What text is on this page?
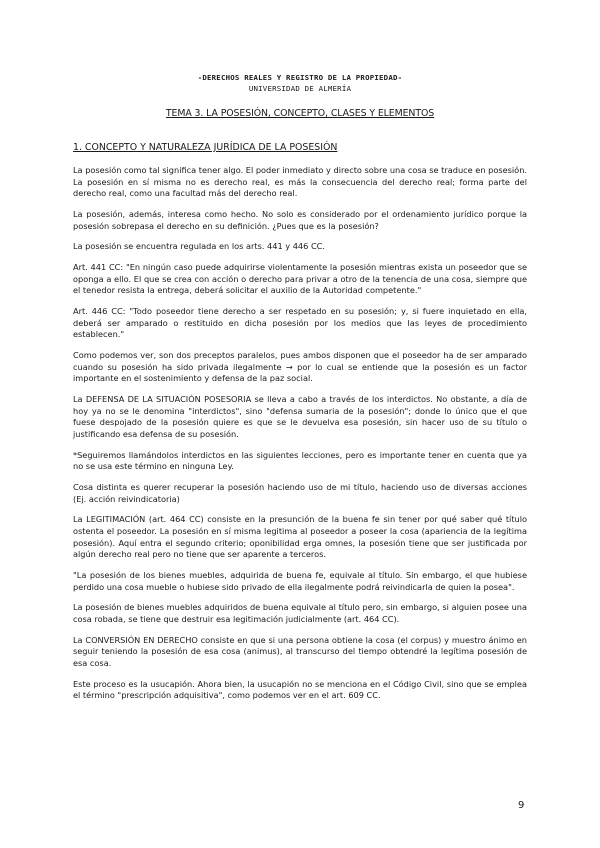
-DERECHOS REALES Y REGISTRO DE LA PROPIEDAD-
UNIVERSIDAD DE ALMERÍA
TEMA 3. LA POSESIÓN, CONCEPTO, CLASES Y ELEMENTOS
1. CONCEPTO Y NATURALEZA JURÍDICA DE LA POSESIÓN

La posesión como tal significa tener algo. El poder inmediato y directo sobre una cosa se traduce en posesión. La posesión en sí misma no es derecho real, es más la consecuencia del derecho real; forma parte del derecho real, como una facultad más del derecho real.

La posesión, además, interesa como hecho. No solo es considerado por el ordenamiento jurídico porque la posesión sobrepasa el derecho en su definición. ¿Pues que es la posesión?

La posesión se encuentra regulada en los arts. 441 y 446 CC.

Art. 441 CC: "En ningún caso puede adquirirse violentamente la posesión mientras exista un poseedor que se oponga a ello. El que se crea con acción o derecho para privar a otro de la tenencia de una cosa, siempre que el tenedor resista la entrega, deberá solicitar el auxilio de la Autoridad competente."

Art. 446 CC: "Todo poseedor tiene derecho a ser respetado en su posesión; y, si fuere inquietado en ella, deberá ser amparado o restituido en dicha posesión por los medios que las leyes de procedimiento establecen."

Como podemos ver, son dos preceptos paralelos, pues ambos disponen que el poseedor ha de ser amparado cuando su posesión ha sido privada ilegalmente → por lo cual se entiende que la posesión es un factor importante en el sostenimiento y defensa de la paz social.

La DEFENSA DE LA SITUACIÓN POSESORIA se lleva a cabo a través de los interdictos. No obstante, a día de hoy ya no se le denomina "interdictos", sino "defensa sumaria de la posesión"; donde lo único que el que fuese despojado de la posesión quiere es que se le devuelva esa posesión, sin hacer uso de su título o justificando esa defensa de su posesión.

*Seguiremos llamándolos interdictos en las siguientes lecciones, pero es importante tener en cuenta que ya no se usa este término en ninguna Ley.

Cosa distinta es querer recuperar la posesión haciendo uso de mi título, haciendo uso de diversas acciones (Ej. acción reivindicatoria)

La LEGITIMACIÓN (art. 464 CC) consiste en la presunción de la buena fe sin tener por qué saber qué título ostenta el poseedor. La posesión en sí misma legitima al poseedor a poseer la cosa (apariencia de la legítima posesión). Aquí entra el segundo criterio; oponibilidad erga omnes, la posesión tiene que ser justificada por algún derecho real pero no tiene que ser aparente a terceros.

"La posesión de los bienes muebles, adquirida de buena fe, equivale al título. Sin embargo, el que hubiese perdido una cosa mueble o hubiese sido privado de ella ilegalmente podrá reivindicarla de quien la posea".

La posesión de bienes muebles adquiridos de buena equivale al título pero, sin embargo, si alguien posee una cosa robada, se tiene que destruir esa legitimación judicialmente (art. 464 CC).

La CONVERSIÓN EN DERECHO consiste en que si una persona obtiene la cosa (el corpus) y muestro ánimo en seguir teniendo la posesión de esa cosa (animus), al transcurso del tiempo obtendré la legítima posesión de esa cosa.

Este proceso es la usucapión. Ahora bien, la usucapión no se menciona en el Código Civil, sino que se emplea el término "prescripción adquisitiva", como podemos ver en el art. 609 CC.

9
